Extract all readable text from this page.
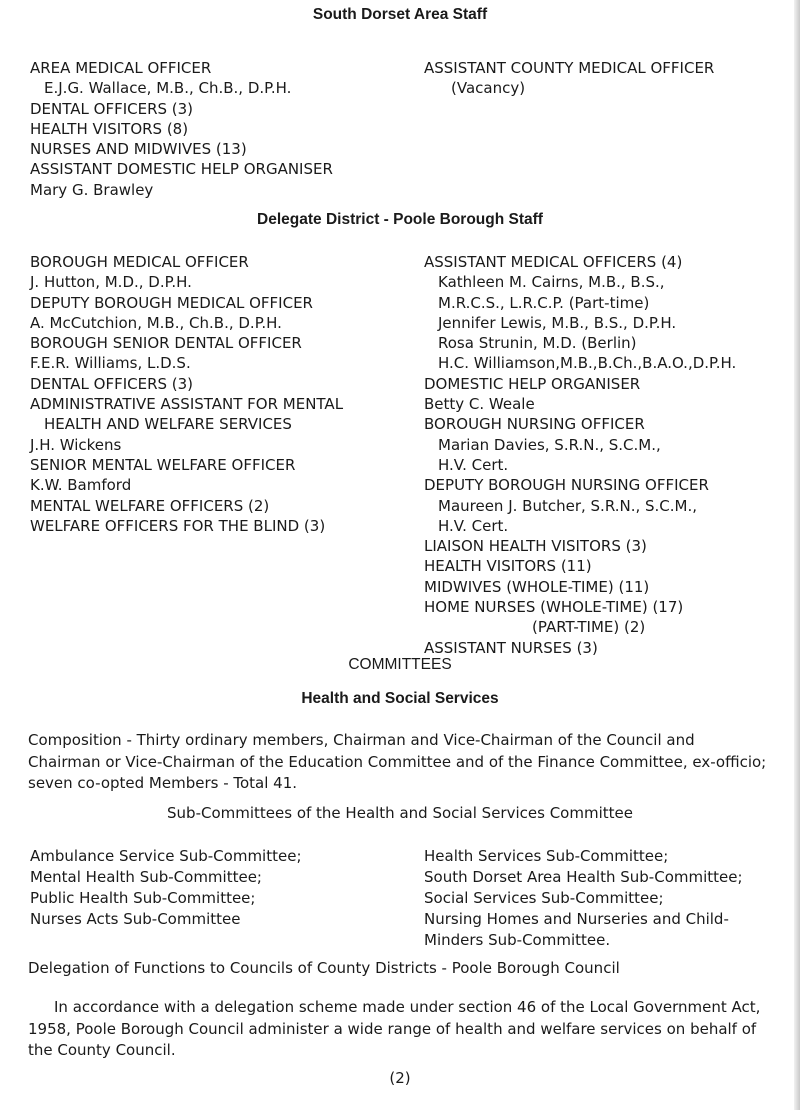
South Dorset Area Staff
AREA MEDICAL OFFICER
E.J.G. Wallace, M.B., Ch.B., D.P.H.
DENTAL OFFICERS (3)
HEALTH VISITORS (8)
NURSES AND MIDWIVES (13)
ASSISTANT DOMESTIC HELP ORGANISER
Mary G. Brawley
ASSISTANT COUNTY MEDICAL OFFICER
(Vacancy)
Delegate District - Poole Borough Staff
BOROUGH MEDICAL OFFICER
J. Hutton, M.D., D.P.H.
DEPUTY BOROUGH MEDICAL OFFICER
A. McCutchion, M.B., Ch.B., D.P.H.
BOROUGH SENIOR DENTAL OFFICER
F.E.R. Williams, L.D.S.
DENTAL OFFICERS (3)
ADMINISTRATIVE ASSISTANT FOR MENTAL
HEALTH AND WELFARE SERVICES
J.H. Wickens
SENIOR MENTAL WELFARE OFFICER
K.W. Bamford
MENTAL WELFARE OFFICERS (2)
WELFARE OFFICERS FOR THE BLIND (3)
ASSISTANT MEDICAL OFFICERS (4)
Kathleen M. Cairns, M.B., B.S.,
M.R.C.S., L.R.C.P. (Part-time)
Jennifer Lewis, M.B., B.S., D.P.H.
Rosa Strunin, M.D. (Berlin)
H.C. Williamson,M.B.,B.Ch.,B.A.O.,D.P.H.
DOMESTIC HELP ORGANISER
Betty C. Weale
BOROUGH NURSING OFFICER
Marian Davies, S.R.N., S.C.M.,
H.V. Cert.
DEPUTY BOROUGH NURSING OFFICER
Maureen J. Butcher, S.R.N., S.C.M.,
H.V. Cert.
LIAISON HEALTH VISITORS (3)
HEALTH VISITORS (11)
MIDWIVES (WHOLE-TIME) (11)
HOME NURSES (WHOLE-TIME) (17)
(PART-TIME) (2)
ASSISTANT NURSES (3)
COMMITTEES
Health and Social Services
Composition - Thirty ordinary members, Chairman and Vice-Chairman of the Council and Chairman or Vice-Chairman of the Education Committee and of the Finance Committee, ex-officio; seven co-opted Members - Total 41.
Sub-Committees of the Health and Social Services Committee
Ambulance Service Sub-Committee;
Mental Health Sub-Committee;
Public Health Sub-Committee;
Nurses Acts Sub-Committee
Health Services Sub-Committee;
South Dorset Area Health Sub-Committee;
Social Services Sub-Committee;
Nursing Homes and Nurseries and Child-
Minders Sub-Committee.
Delegation of Functions to Councils of County Districts - Poole Borough Council
In accordance with a delegation scheme made under section 46 of the Local Government Act, 1958, Poole Borough Council administer a wide range of health and welfare services on behalf of the County Council.
(2)
